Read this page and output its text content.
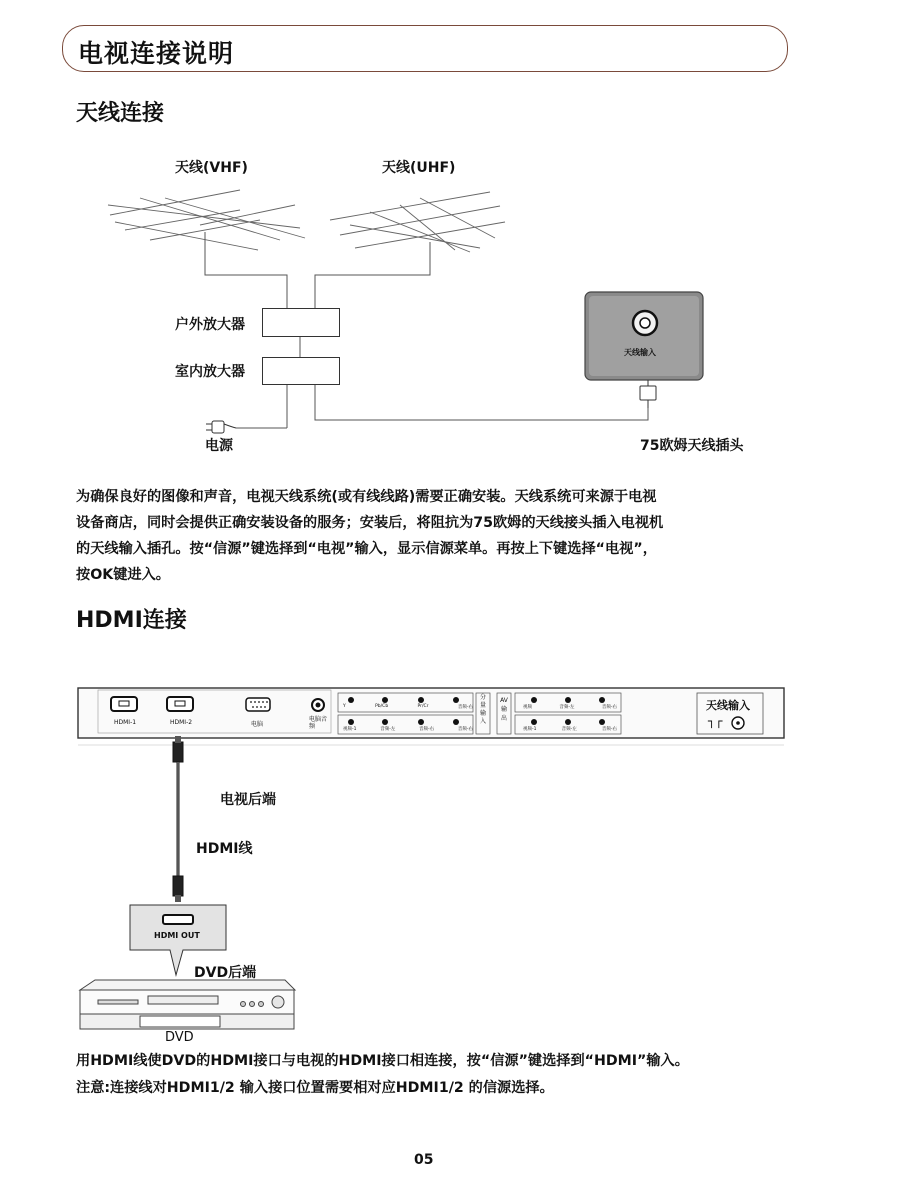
电视连接说明
天线连接
天线(VHF)	天线(UHF)
户外放大器
室内放大器
电源
天线输入
75欧姆天线插头
为确保良好的图像和声音，电视天线系统(或有线线路)需要正确安装。天线系统可来源于电视
设备商店，同时会提供正确安装设备的服务；安装后，将阻抗为75欧姆的天线接头插入电视机
的天线输入插孔。按“信源”键选择到“电视”输入，显示信源菜单。再按上下键选择“电视”，
按OK键进入。
HDMI连接
HDMI-1	HDMI-2	电脑
电脑音频
Y	Pb/Cb	Pr/Cr	音频-右
视频-1	音频-左	音频-右	音频-右
分量输入
AV输出
视频	音频-左	音频-右
视频-1	音频-左	音频-右
天线输入
┐┌
电视后端
HDMI线
HDMI OUT
DVD后端
DVD
用HDMI线使DVD的HDMI接口与电视的HDMI接口相连接，按“信源”键选择到“HDMI”输入。
注意:连接线对HDMI1/2 输入接口位置需要相对应HDMI1/2 的信源选择。
05
